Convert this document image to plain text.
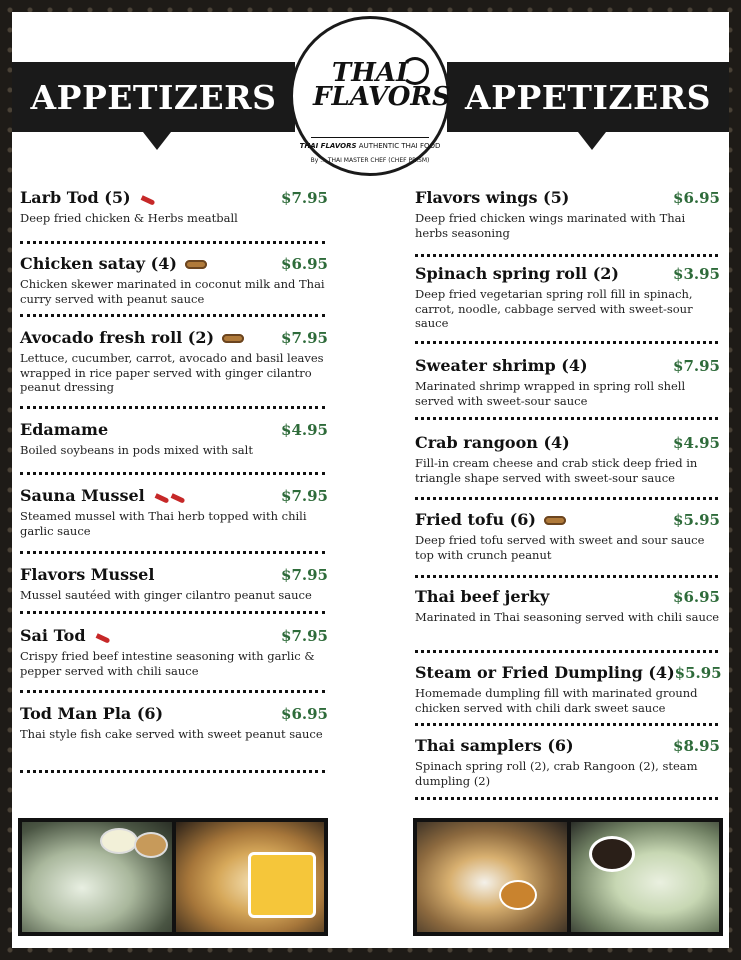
APPETIZERS	APPETIZERS
THAI
FLAVORS
THAI FLAVORS AUTHENTIC THAI FOOD
By ... THAI MASTER CHEF (CHEF PRISM)
Larb Tod (5)	$7.95
Deep fried chicken & Herbs meatball
Chicken satay (4)	$6.95
Chicken skewer marinated in coconut milk and Thai curry served with peanut sauce
Avocado fresh roll (2)	$7.95
Lettuce, cucumber, carrot, avocado and basil leaves wrapped in rice paper served with ginger cilantro peanut dressing
Edamame	$4.95
Boiled soybeans in pods mixed with salt
Sauna Mussel	$7.95
Steamed mussel with Thai herb topped with chili garlic sauce
Flavors Mussel	$7.95
Mussel sautéed with ginger cilantro peanut sauce
Sai Tod	$7.95
Crispy fried beef intestine seasoning with garlic & pepper served with chili sauce
Tod Man Pla (6)	$6.95
Thai style fish cake served with sweet peanut sauce
Flavors wings (5)	$6.95
Deep fried chicken wings marinated with Thai herbs seasoning
Spinach spring roll (2)	$3.95
Deep fried vegetarian spring roll fill in spinach, carrot, noodle, cabbage served with sweet-sour sauce
Sweater shrimp (4)	$7.95
Marinated shrimp wrapped in spring roll shell served with sweet-sour sauce
Crab rangoon (4)	$4.95
Fill-in cream cheese and crab stick deep fried in triangle shape served with sweet-sour sauce
Fried tofu (6)	$5.95
Deep fried tofu served with sweet and sour sauce top with crunch peanut
Thai beef jerky	$6.95
Marinated in Thai seasoning served with chili sauce
Steam or Fried Dumpling (4) $5.95
Homemade dumpling fill with marinated ground chicken served with chili dark sweet sauce
Thai samplers (6)	$8.95
Spinach spring roll (2), crab Rangoon (2), steam dumpling (2)
